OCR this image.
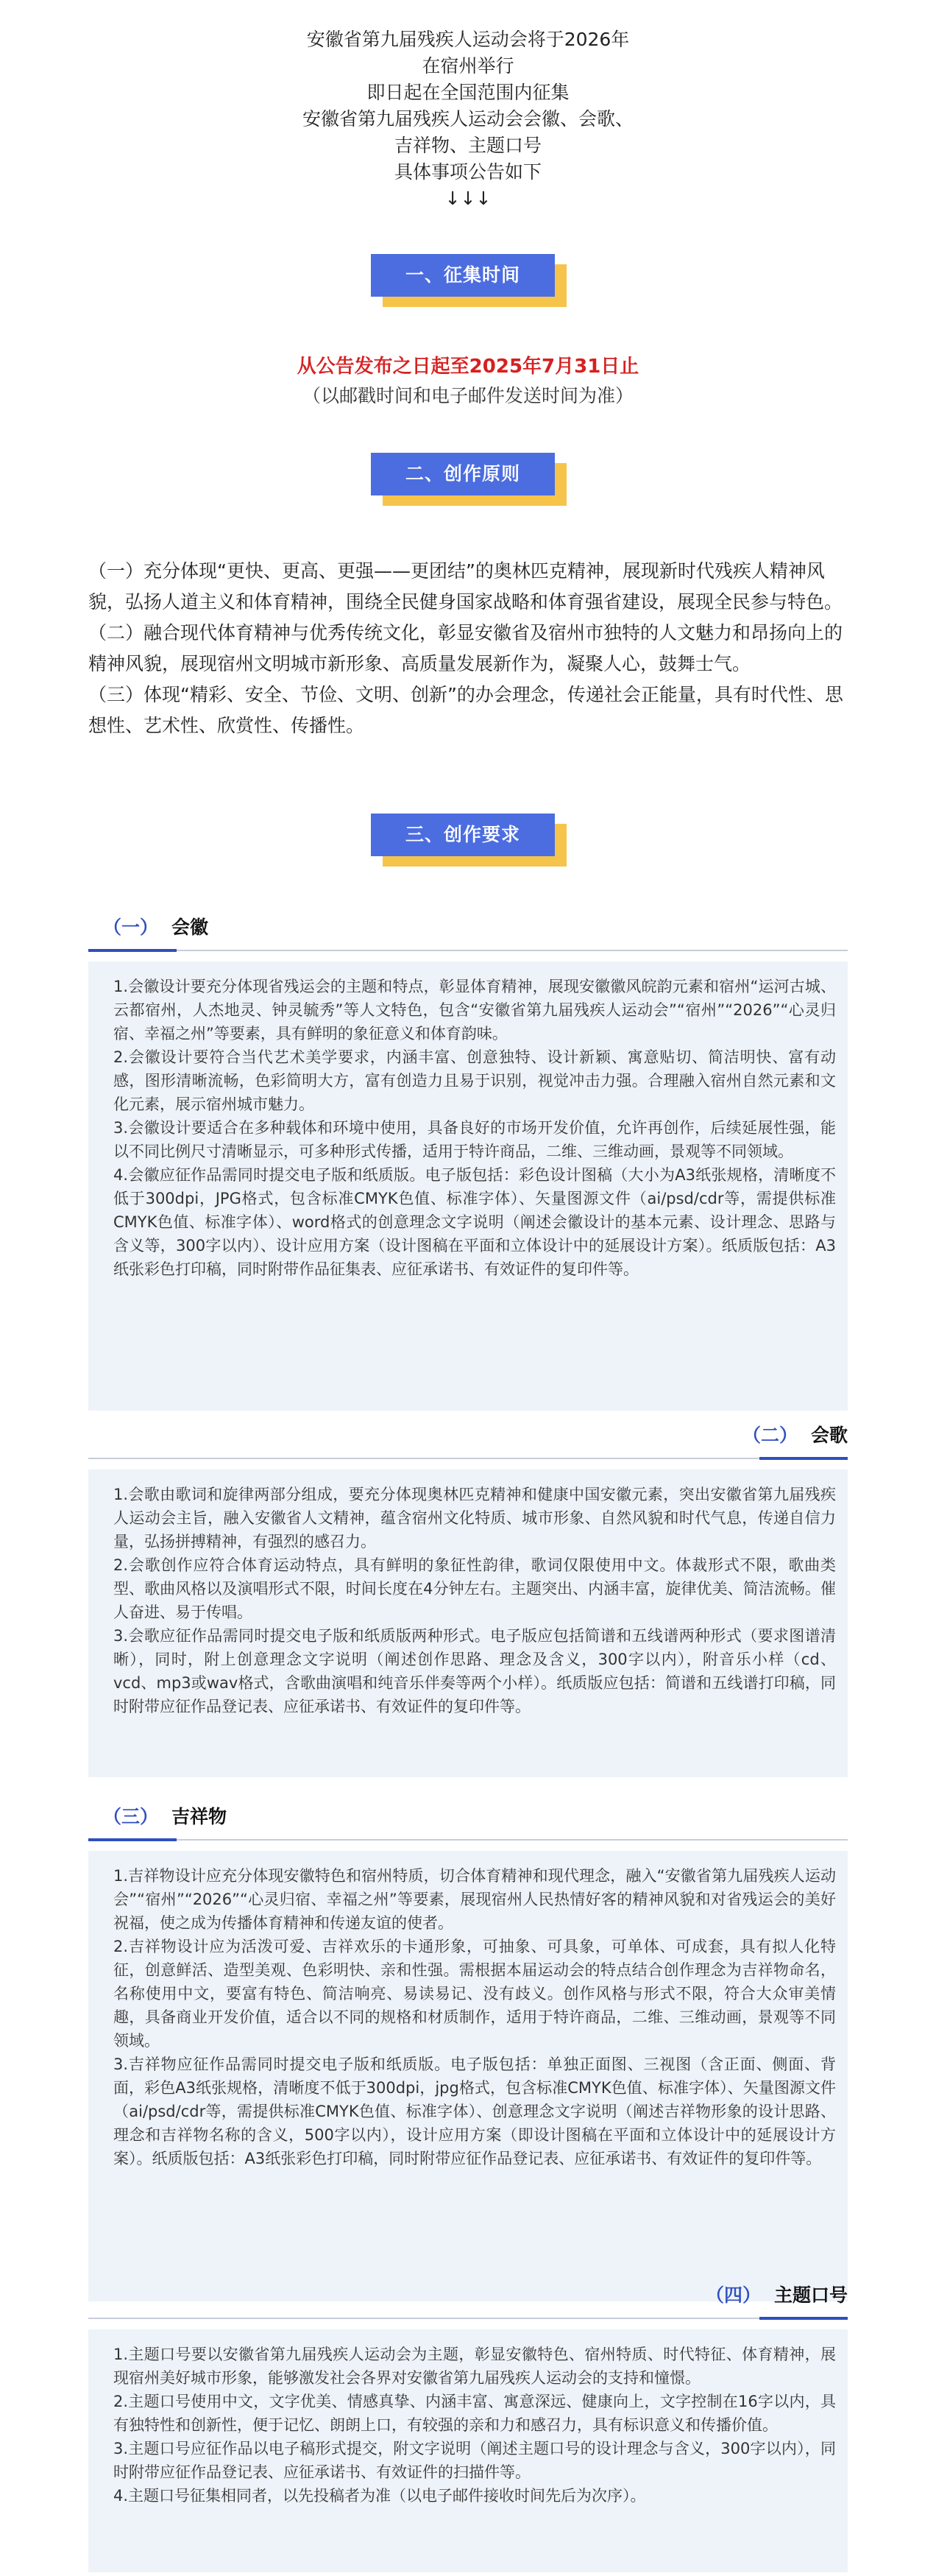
安徽省第九届残疾人运动会将于2026年
在宿州举行
即日起在全国范围内征集
安徽省第九届残疾人运动会会徽、会歌、
吉祥物、主题口号
具体事项公告如下
↓↓↓
一、征集时间
从公告发布之日起至2025年7月31日止
（以邮戳时间和电子邮件发送时间为准）
二、创作原则

（一）充分体现“更快、更高、更强——更团结”的奥林匹克精神，展现新时代残疾人精神风貌，弘扬人道主义和体育精神，围绕全民健身国家战略和体育强省建设，展现全民参与特色。

（二）融合现代体育精神与优秀传统文化，彰显安徽省及宿州市独特的人文魅力和昂扬向上的精神风貌，展现宿州文明城市新形象、高质量发展新作为，凝聚人心，鼓舞士气。

（三）体现“精彩、安全、节俭、文明、创新”的办会理念，传递社会正能量，具有时代性、思想性、艺术性、欣赏性、传播性。

三、创作要求
（一） 会徽

1.会徽设计要充分体现省残运会的主题和特点，彰显体育精神，展现安徽徽风皖韵元素和宿州“运河古城、云都宿州，人杰地灵、钟灵毓秀”等人文特色，包含“安徽省第九届残疾人运动会”“宿州”“2026”“心灵归宿、幸福之州”等要素，具有鲜明的象征意义和体育韵味。

2.会徽设计要符合当代艺术美学要求，内涵丰富、创意独特、设计新颖、寓意贴切、简洁明快、富有动感，图形清晰流畅，色彩简明大方，富有创造力且易于识别，视觉冲击力强。合理融入宿州自然元素和文化元素，展示宿州城市魅力。

3.会徽设计要适合在多种载体和环境中使用，具备良好的市场开发价值，允许再创作，后续延展性强，能以不同比例尺寸清晰显示，可多种形式传播，适用于特许商品，二维、三维动画，景观等不同领域。

4.会徽应征作品需同时提交电子版和纸质版。电子版包括：彩色设计图稿（大小为A3纸张规格，清晰度不低于300dpi，JPG格式，包含标准CMYK色值、标准字体）、矢量图源文件（ai/psd/cdr等，需提供标准CMYK色值、标准字体）、word格式的创意理念文字说明（阐述会徽设计的基本元素、设计理念、思路与含义等，300字以内）、设计应用方案（设计图稿在平面和立体设计中的延展设计方案）。纸质版包括：A3纸张彩色打印稿，同时附带作品征集表、应征承诺书、有效证件的复印件等。

（二） 会歌

1.会歌由歌词和旋律两部分组成，要充分体现奥林匹克精神和健康中国安徽元素，突出安徽省第九届残疾人运动会主旨，融入安徽省人文精神，蕴含宿州文化特质、城市形象、自然风貌和时代气息，传递自信力量，弘扬拼搏精神，有强烈的感召力。

2.会歌创作应符合体育运动特点，具有鲜明的象征性韵律，歌词仅限使用中文。体裁形式不限，歌曲类型、歌曲风格以及演唱形式不限，时间长度在4分钟左右。主题突出、内涵丰富，旋律优美、简洁流畅。催人奋进、易于传唱。

3.会歌应征作品需同时提交电子版和纸质版两种形式。电子版应包括简谱和五线谱两种形式（要求图谱清晰），同时，附上创意理念文字说明（阐述创作思路、理念及含义，300字以内），附音乐小样（cd、vcd、mp3或wav格式，含歌曲演唱和纯音乐伴奏等两个小样）。纸质版应包括：简谱和五线谱打印稿，同时附带应征作品登记表、应征承诺书、有效证件的复印件等。

（三） 吉祥物

1.吉祥物设计应充分体现安徽特色和宿州特质，切合体育精神和现代理念，融入“安徽省第九届残疾人运动会”“宿州”“2026”“心灵归宿、幸福之州”等要素，展现宿州人民热情好客的精神风貌和对省残运会的美好祝福，使之成为传播体育精神和传递友谊的使者。

2.吉祥物设计应为活泼可爱、吉祥欢乐的卡通形象，可抽象、可具象，可单体、可成套，具有拟人化特征，创意鲜活、造型美观、色彩明快、亲和性强。需根据本届运动会的特点结合创作理念为吉祥物命名，名称使用中文，要富有特色、简洁响亮、易读易记、没有歧义。创作风格与形式不限，符合大众审美情趣，具备商业开发价值，适合以不同的规格和材质制作，适用于特许商品，二维、三维动画，景观等不同领域。

3.吉祥物应征作品需同时提交电子版和纸质版。电子版包括：单独正面图、三视图（含正面、侧面、背面，彩色A3纸张规格，清晰度不低于300dpi，jpg格式，包含标准CMYK色值、标准字体）、矢量图源文件（ai/psd/cdr等，需提供标准CMYK色值、标准字体）、创意理念文字说明（阐述吉祥物形象的设计思路、理念和吉祥物名称的含义，500字以内），设计应用方案（即设计图稿在平面和立体设计中的延展设计方案）。纸质版包括：A3纸张彩色打印稿，同时附带应征作品登记表、应征承诺书、有效证件的复印件等。

（四） 主题口号

1.主题口号要以安徽省第九届残疾人运动会为主题，彰显安徽特色、宿州特质、时代特征、体育精神，展现宿州美好城市形象，能够激发社会各界对安徽省第九届残疾人运动会的支持和憧憬。

2.主题口号使用中文，文字优美、情感真挚、内涵丰富、寓意深远、健康向上，文字控制在16字以内，具有独特性和创新性，便于记忆、朗朗上口，有较强的亲和力和感召力，具有标识意义和传播价值。

3.主题口号应征作品以电子稿形式提交，附文字说明（阐述主题口号的设计理念与含义，300字以内），同时附带应征作品登记表、应征承诺书、有效证件的扫描件等。

4.主题口号征集相同者，以先投稿者为准（以电子邮件接收时间先后为次序）。
